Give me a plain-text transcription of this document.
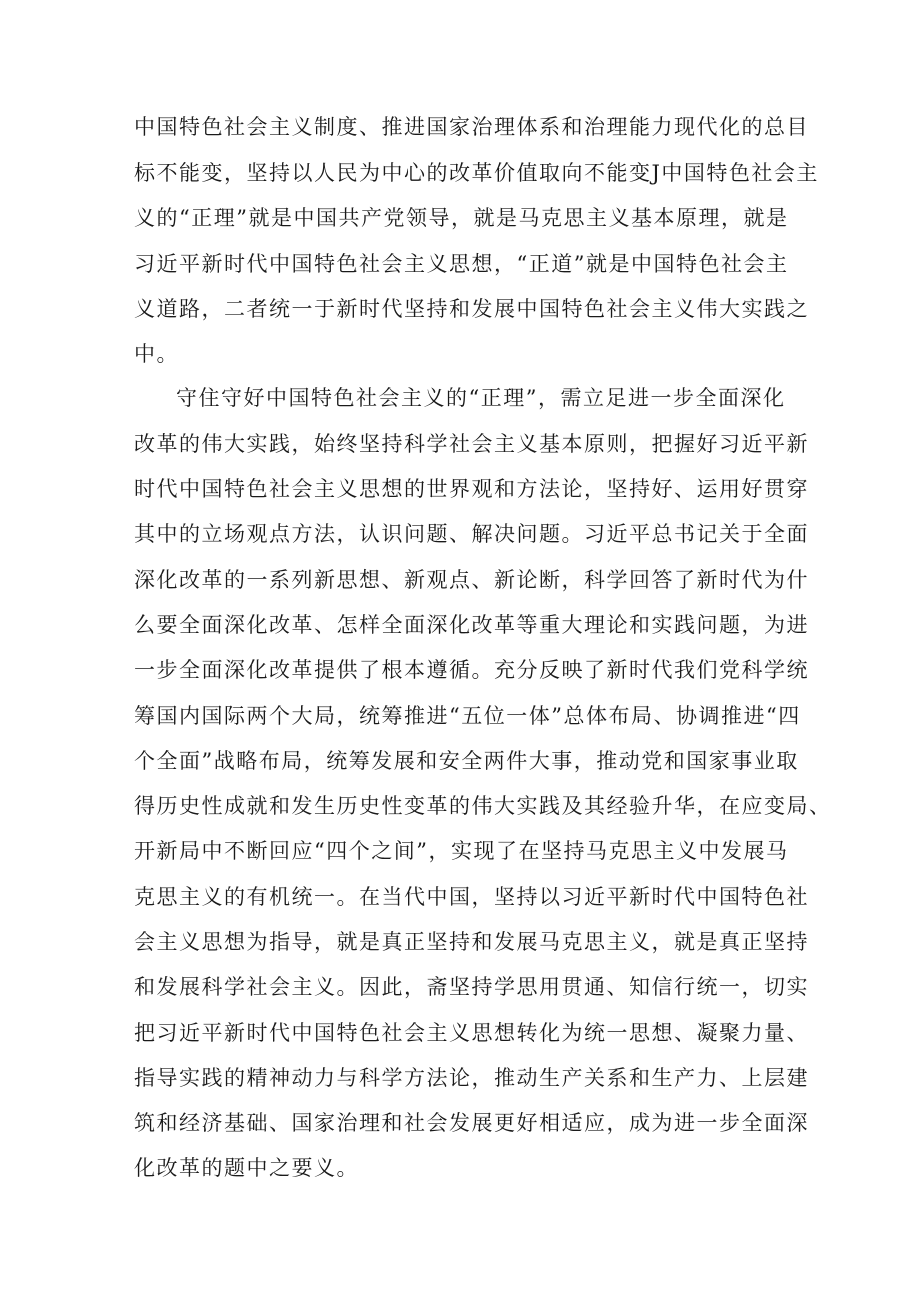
中国特色社会主义制度、推进国家治理体系和治理能力现代化的总目
标不能变，坚持以人民为中心的改革价值取向不能变J中国特色社会主
义的“正理”就是中国共产党领导，就是马克思主义基本原理，就是
习近平新时代中国特色社会主义思想，“正道”就是中国特色社会主
义道路，二者统一于新时代坚持和发展中国特色社会主义伟大实践之
中。
守住守好中国特色社会主义的“正理”，需立足进一步全面深化
改革的伟大实践，始终坚持科学社会主义基本原则，把握好习近平新
时代中国特色社会主义思想的世界观和方法论，坚持好、运用好贯穿
其中的立场观点方法，认识问题、解决问题。习近平总书记关于全面
深化改革的一系列新思想、新观点、新论断，科学回答了新时代为什
么要全面深化改革、怎样全面深化改革等重大理论和实践问题，为进
一步全面深化改革提供了根本遵循。充分反映了新时代我们党科学统
筹国内国际两个大局，统筹推进“五位一体”总体布局、协调推进“四
个全面”战略布局，统筹发展和安全两件大事，推动党和国家事业取
得历史性成就和发生历史性变革的伟大实践及其经验升华，在应变局、
开新局中不断回应“四个之间”，实现了在坚持马克思主义中发展马
克思主义的有机统一。在当代中国，坚持以习近平新时代中国特色社
会主义思想为指导，就是真正坚持和发展马克思主义，就是真正坚持
和发展科学社会主义。因此，斋坚持学思用贯通、知信行统一，切实
把习近平新时代中国特色社会主义思想转化为统一思想、凝聚力量、
指导实践的精神动力与科学方法论，推动生产关系和生产力、上层建
筑和经济基础、国家治理和社会发展更好相适应，成为进一步全面深
化改革的题中之要义。
